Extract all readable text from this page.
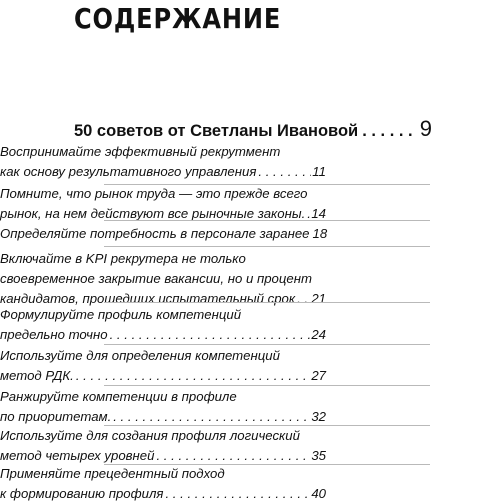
СОДЕРЖАНИЕ
50 советов от Светланы Ивановой . . .	9
Воспринимайте эффективный рекрутмент
как основу результативного управления . . .	11
Помните, что рынок труда — это прежде всего
рынок, на нем действуют все рыночные законы. . . . 14
Определяйте потребность в персонале заранее 18
Включайте в KPI рекрутера не только
своевременное закрытие вакансии, но и процент
кандидатов, прошедших испытательный срок . . . 21
Формулируйте профиль компетенций
предельно точно . . .	24
Используйте для определения компетенций
метод РДК. . . .	27
Ранжируйте компетенции в профиле
по приоритетам. . . .	32
Используйте для создания профиля логический
метод четырех уровней . . .	35
Применяйте прецедентный подход
к формированию профиля . . .	40
